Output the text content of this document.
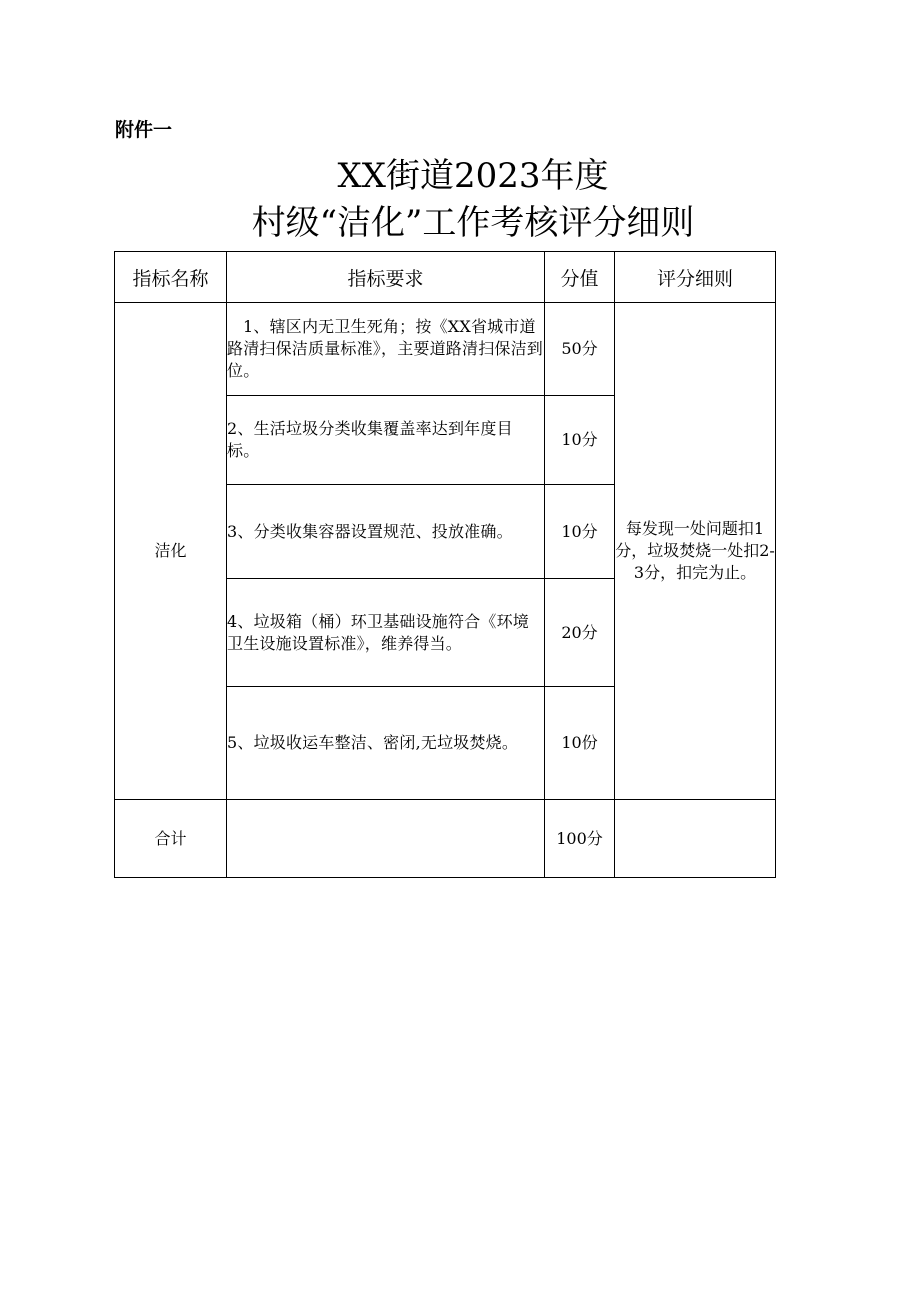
附件一
XX街道2023年度
村级“洁化”工作考核评分细则
指标名称	指标要求	分值	评分细则
洁化	1、辖区内无卫生死角；按《XX省城市道路清扫保洁质量标准》，主要道路清扫保洁到位。	50分	每发现一处问题扣1分，垃圾焚烧一处扣2-3分，扣完为止。
	2、生活垃圾分类收集覆盖率达到年度目标。	10分	
	3、分类收集容器设置规范、投放准确。	10分	
	4、垃圾箱（桶）环卫基础设施符合《环境卫生设施设置标准》，维养得当。	20分	
	5、垃圾收运车整洁、密闭,无垃圾焚烧。	10份	
合计		100分	
